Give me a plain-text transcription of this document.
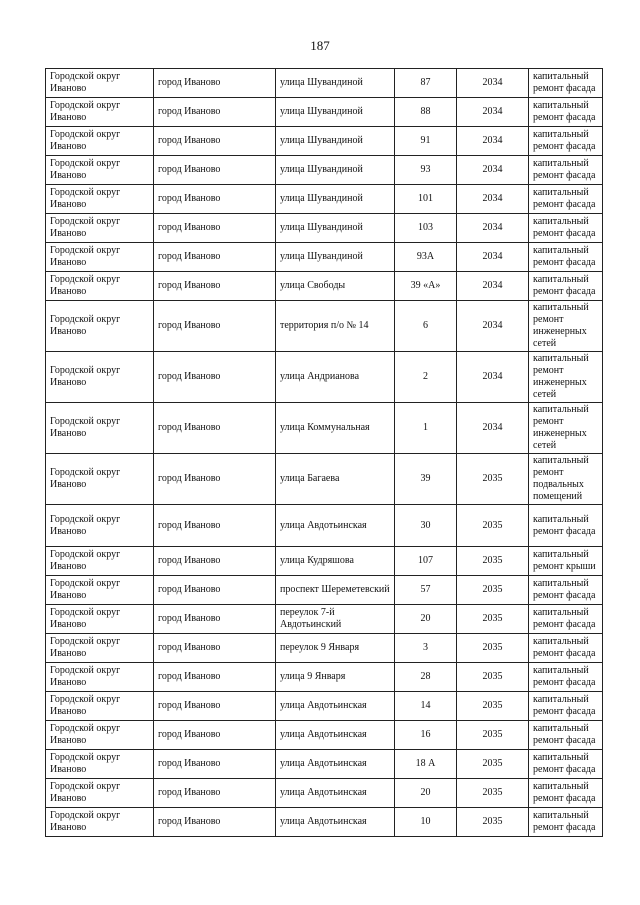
187
Городской округ Иваново	город Иваново	улица Шувандиной	87	2034	капитальный ремонт фасада
Городской округ Иваново	город Иваново	улица Шувандиной	88	2034	капитальный ремонт фасада
Городской округ Иваново	город Иваново	улица Шувандиной	91	2034	капитальный ремонт фасада
Городской округ Иваново	город Иваново	улица Шувандиной	93	2034	капитальный ремонт фасада
Городской округ Иваново	город Иваново	улица Шувандиной	101	2034	капитальный ремонт фасада
Городской округ Иваново	город Иваново	улица Шувандиной	103	2034	капитальный ремонт фасада
Городской округ Иваново	город Иваново	улица Шувандиной	93А	2034	капитальный ремонт фасада
Городской округ Иваново	город Иваново	улица Свободы	39 «А»	2034	капитальный ремонт фасада
Городской округ Иваново	город Иваново	территория п/о № 14	6	2034	капитальный ремонт инженерных сетей
Городской округ Иваново	город Иваново	улица Андрианова	2	2034	капитальный ремонт инженерных сетей
Городской округ Иваново	город Иваново	улица Коммунальная	1	2034	капитальный ремонт инженерных сетей
Городской округ Иваново	город Иваново	улица Багаева	39	2035	капитальный ремонт подвальных помещений
Городской округ Иваново	город Иваново	улица Авдотьинская	30	2035	капитальный ремонт фасада
Городской округ Иваново	город Иваново	улица Кудряшова	107	2035	капитальный ремонт крыши
Городской округ Иваново	город Иваново	проспект Шереметевский	57	2035	капитальный ремонт фасада
Городской округ Иваново	город Иваново	переулок 7-й Авдотьинский	20	2035	капитальный ремонт фасада
Городской округ Иваново	город Иваново	переулок 9 Января	3	2035	капитальный ремонт фасада
Городской округ Иваново	город Иваново	улица 9 Января	28	2035	капитальный ремонт фасада
Городской округ Иваново	город Иваново	улица Авдотьинская	14	2035	капитальный ремонт фасада
Городской округ Иваново	город Иваново	улица Авдотьинская	16	2035	капитальный ремонт фасада
Городской округ Иваново	город Иваново	улица Авдотьинская	18 А	2035	капитальный ремонт фасада
Городской округ Иваново	город Иваново	улица Авдотьинская	20	2035	капитальный ремонт фасада
Городской округ Иваново	город Иваново	улица Авдотьинская	10	2035	капитальный ремонт фасада
